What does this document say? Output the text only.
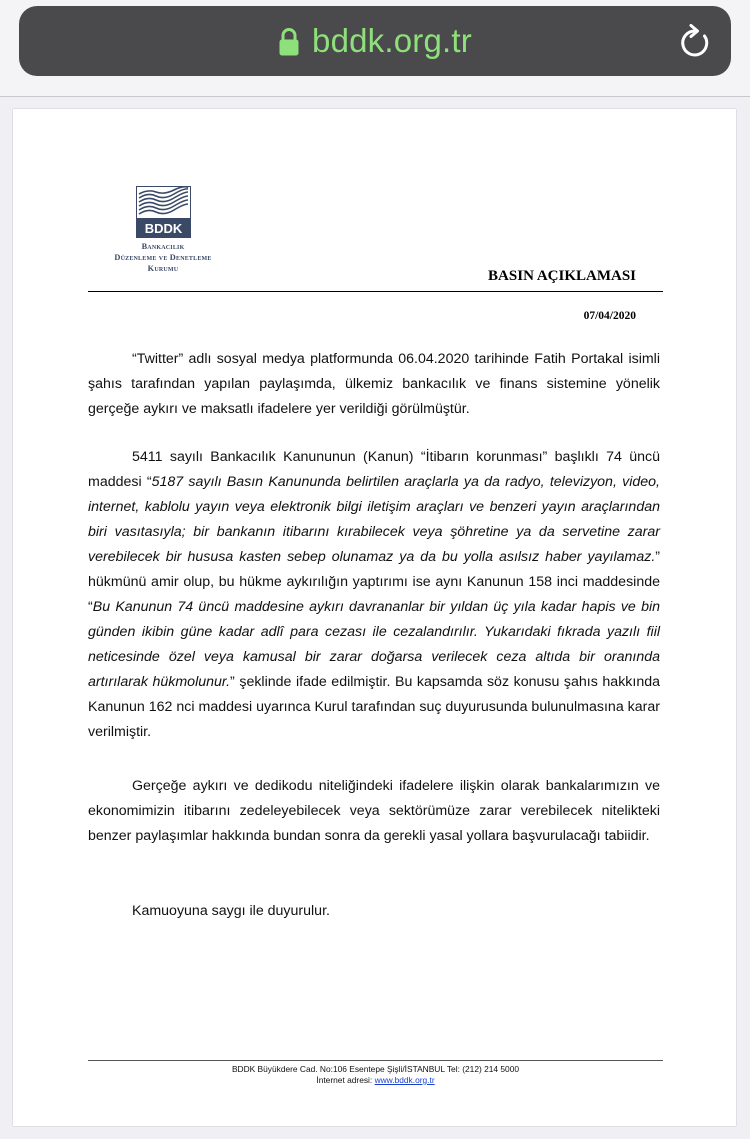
bddk.org.tr
BDDK
Bankacılık
Düzenleme ve Denetleme
Kurumu	BASIN AÇIKLAMASI
07/04/2020

“Twitter” adlı sosyal medya platformunda 06.04.2020 tarihinde Fatih Portakal isimli şahıs tarafından yapılan paylaşımda, ülkemiz bankacılık ve finans sistemine yönelik gerçeğe aykırı ve maksatlı ifadelere yer verildiği görülmüştür.

5411 sayılı Bankacılık Kanununun (Kanun) “İtibarın korunması” başlıklı 74 üncü maddesi “5187 sayılı Basın Kanununda belirtilen araçlarla ya da radyo, televizyon, video, internet, kablolu yayın veya elektronik bilgi iletişim araçları ve benzeri yayın araçlarından biri vasıtasıyla; bir bankanın itibarını kırabilecek veya şöhretine ya da servetine zarar verebilecek bir hususa kasten sebep olunamaz ya da bu yolla asılsız haber yayılamaz.” hükmünü amir olup, bu hükme aykırılığın yaptırımı ise aynı Kanunun 158 inci maddesinde “Bu Kanunun 74 üncü maddesine aykırı davrananlar bir yıldan üç yıla kadar hapis ve bin günden ikibin güne kadar adlî para cezası ile cezalandırılır. Yukarıdaki fıkrada yazılı fiil neticesinde özel veya kamusal bir zarar doğarsa verilecek ceza altıda bir oranında artırılarak hükmolunur.” şeklinde ifade edilmiştir. Bu kapsamda söz konusu şahıs hakkında Kanunun 162 nci maddesi uyarınca Kurul tarafından suç duyurusunda bulunulmasına karar verilmiştir.

Gerçeğe aykırı ve dedikodu niteliğindeki ifadelere ilişkin olarak bankalarımızın ve ekonomimizin itibarını zedeleyebilecek veya sektörümüze zarar verebilecek nitelikteki benzer paylaşımlar hakkında bundan sonra da gerekli yasal yollara başvurulacağı tabiidir.

Kamuoyuna saygı ile duyurulur.

BDDK Büyükdere Cad. No:106 Esentepe Şişli/İSTANBUL Tel: (212) 214 5000
İnternet adresi: www.bddk.org.tr
